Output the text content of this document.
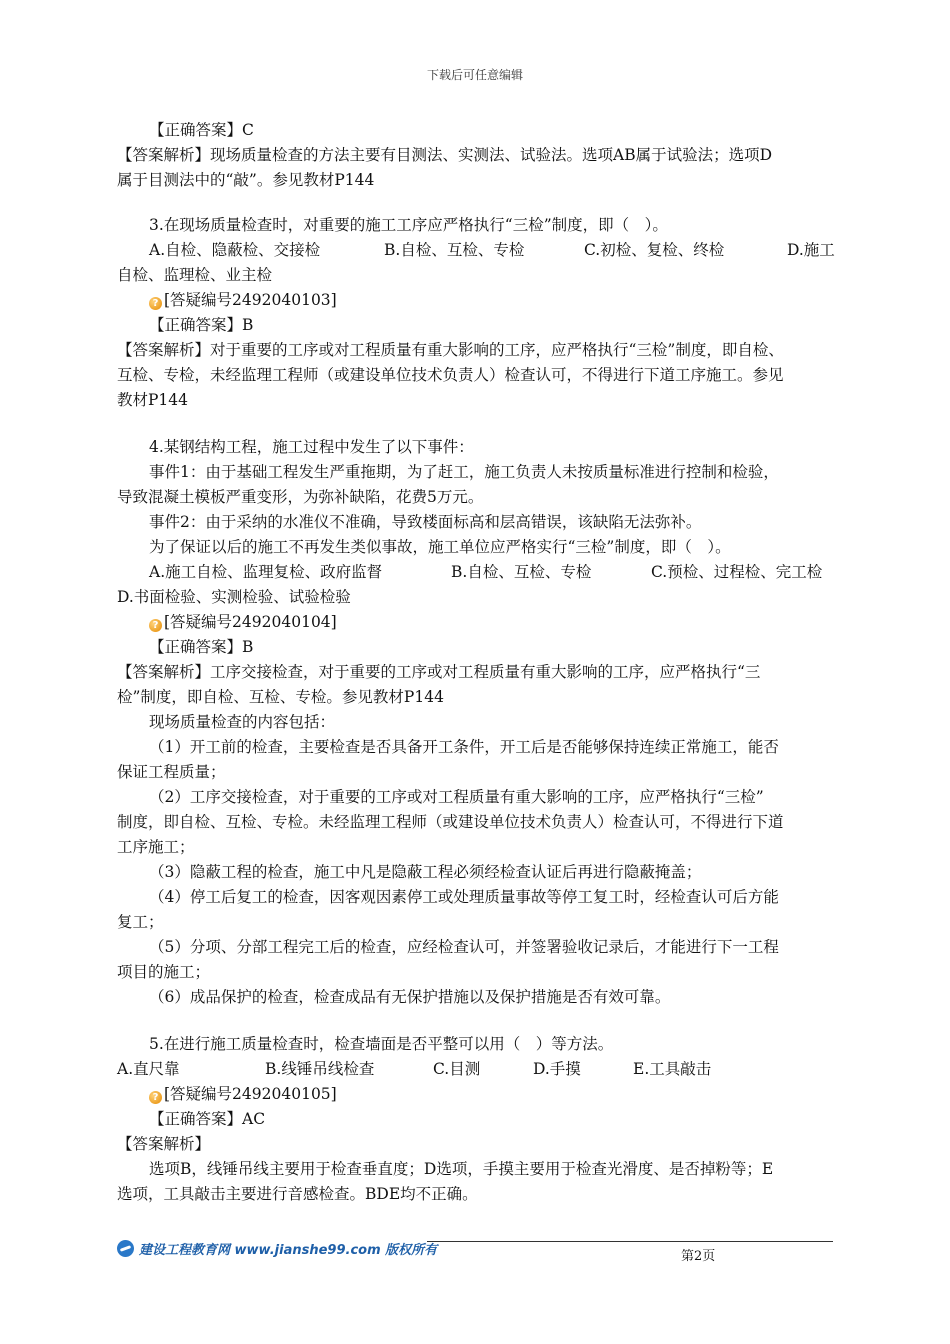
下载后可任意编辑
【正确答案】C
【答案解析】现场质量检查的方法主要有目测法、实测法、试验法。选项AB属于试验法；选项D
属于目测法中的“敲”。参见教材P144
3.在现场质量检查时，对重要的施工工序应严格执行“三检”制度，即（　）。
A.自检、隐蔽检、交接检	B.自检、互检、专检	C.初检、复检、终检	D.施工
自检、监理检、业主检
? [答疑编号2492040103]
【正确答案】B
【答案解析】对于重要的工序或对工程质量有重大影响的工序，应严格执行“三检”制度，即自检、
互检、专检，未经监理工程师（或建设单位技术负责人）检查认可，不得进行下道工序施工。参见
教材P144
4.某钢结构工程，施工过程中发生了以下事件：
事件1：由于基础工程发生严重拖期，为了赶工，施工负责人未按质量标准进行控制和检验，
导致混凝土模板严重变形，为弥补缺陷，花费5万元。
事件2：由于采纳的水准仪不准确，导致楼面标高和层高错误，该缺陷无法弥补。
为了保证以后的施工不再发生类似事故，施工单位应严格实行“三检”制度，即（　）。
A.施工自检、监理复检、政府监督	B.自检、互检、专检	C.预检、过程检、完工检
D.书面检验、实测检验、试验检验
? [答疑编号2492040104]
【正确答案】B
【答案解析】工序交接检查，对于重要的工序或对工程质量有重大影响的工序，应严格执行“三
检”制度，即自检、互检、专检。参见教材P144
现场质量检查的内容包括：
（1）开工前的检查，主要检查是否具备开工条件，开工后是否能够保持连续正常施工，能否
保证工程质量；
（2）工序交接检查，对于重要的工序或对工程质量有重大影响的工序，应严格执行“三检”
制度，即自检、互检、专检。未经监理工程师（或建设单位技术负责人）检查认可，不得进行下道
工序施工；
（3）隐蔽工程的检查，施工中凡是隐蔽工程必须经检查认证后再进行隐蔽掩盖；
（4）停工后复工的检查，因客观因素停工或处理质量事故等停工复工时，经检查认可后方能
复工；
（5）分项、分部工程完工后的检查，应经检查认可，并签署验收记录后，才能进行下一工程
项目的施工；
（6）成品保护的检查，检查成品有无保护措施以及保护措施是否有效可靠。
5.在进行施工质量检查时，检查墙面是否平整可以用（　）等方法。
A.直尺靠	B.线锤吊线检查	C.目测	D.手摸	E.工具敲击
? [答疑编号2492040105]
【正确答案】AC
【答案解析】
选项B，线锤吊线主要用于检查垂直度；D选项，手摸主要用于检查光滑度、是否掉粉等；E
选项，工具敲击主要进行音感检查。BDE均不正确。
建设工程教育网 www.jianshe99.com 版权所有	第2页
